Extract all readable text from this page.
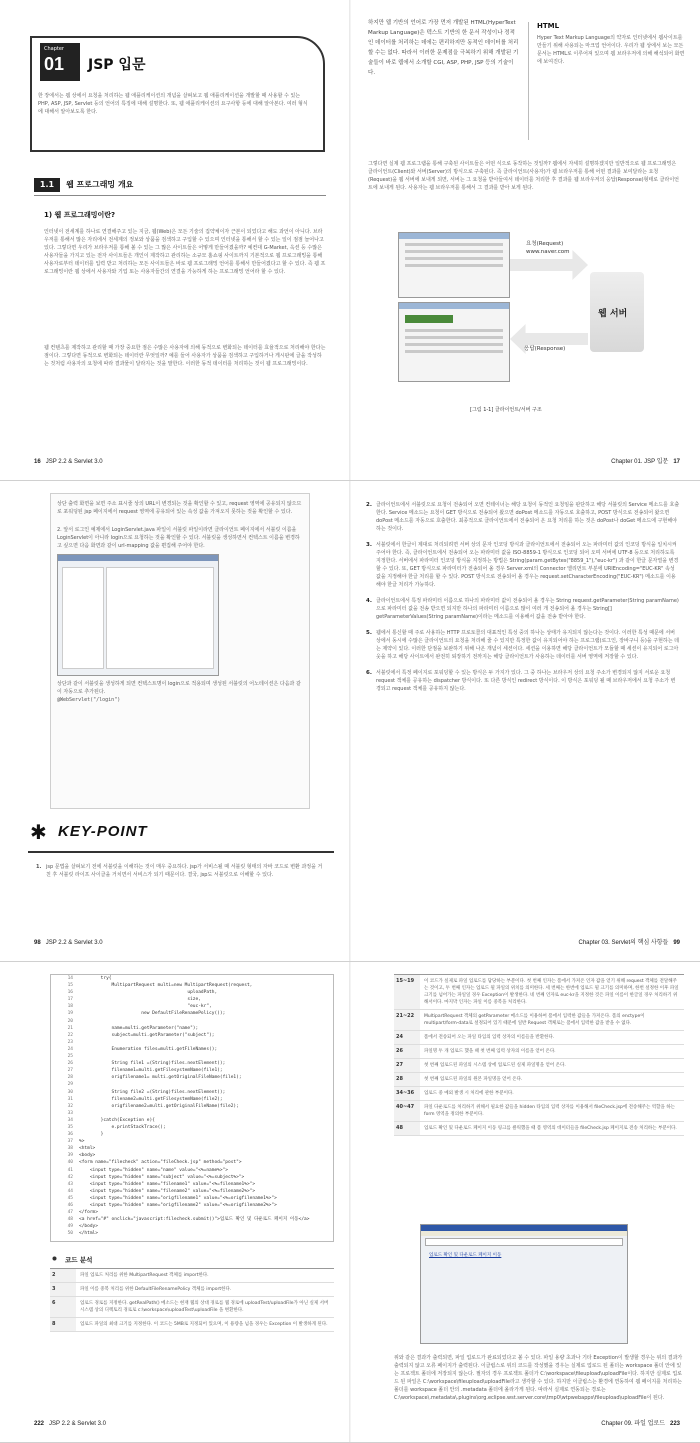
Chapter
01 JSP 입문

한 장에서는 웹 상에서 요청을 처리하는 웹 애플리케이션의 개념을 살펴보고 웹 애플리케이션을 개발할 때 사용할 수 있는 PHP, ASP, JSP, Servlet 등의 언어의 특징에 대해 설명한다. 또, 웹 애플리케이션의 요구사항 등에 대해 알아본다. 여러 형식에 대해서 알아보도록 한다.

1.1	웹 프로그래밍 개요
1) 웹 프로그래밍이란?

인터넷이 전세계를 하나로 연결해주고 있는 지금, 웹(Web)은 모든 기술의 집약체이자 근본이 되었다고 해도 과언이 아니다. 브라우저를 통해서 많은 자리에서 전세계의 정보와 상품을 검색하고 구입할 수 있으며 인터넷을 통해서 할 수 있는 일이 점점 늘어나고 있다. 그렇다면 우리가 브라우저를 통해 볼 수 있는 그 많은 사이트들은 어떻게 만들어졌을까? 예컨대 G-Market, 옥션 등 수많은 사용자들을 가지고 있는 전자 사이트들은 개인이 제작하고 관리하는 소규모 홈쇼핑 사이트까지 기본적으로 웹 프로그래밍을 통해 사용자로부터 데이터를 입력 받고 처리하는 모든 사이트들은 바로 웹 프로그래밍 언어를 통해서 만들어졌다고 할 수 있다. 즉 웹 프로그래밍이란 웹 상에서 사용자와 기업 또는 사용자들간의 연결을 가능하게 하는 프로그래밍 언어라 할 수 있다.

웹 컨텐츠를 제작하고 관리할 때 가장 중요한 점은 수많은 사용자에 의해 동적으로 변화되는 데이터를 효율적으로 처리해야 한다는 점이다. 그렇다면 동적으로 변화되는 데이터란 무엇일까? 예를 들어 사용자가 상품을 검색하고 구입하거나 게시판에 글을 작성하는 것처럼 사용자의 요청에 따라 결과물이 달라지는 것을 말한다. 이러한 동적 데이터를 처리하는 것이 웹 프로그래밍이다.

16 JSP 2.2 & Servlet 3.0

하지만 웹 기반의 언어로 가장 먼저 개발된 HTML(HyperText Markup Language)은 텍스트 기반의 한 문서 작성이나 정적인 데이터를 처리하는 데에는 편리하지만 동적인 데이터를 처리할 수는 없다. 따라서 이러한 문제점을 극복하기 위해 개발된 기술들이 바로 웹에서 소개할 CGI, ASP, PHP, JSP 등의 기술이다.

HTML

Hyper Text Markup Language의 약자로 인터넷에서 웹사이트를 만들기 위해 사용되는 마크업 언어이다. 우리가 웹 상에서 보는 모든 문서는 HTML로 이루어져 있으며 웹 브라우저에 의해 해석되어 화면에 보여진다.

그렇다면 실제 웹 프로그램을 통해 구축된 사이트들은 어떤 식으로 동작하는 것일까? 웹에서 자세히 설명하겠지만 일반적으로 웹 프로그래밍은 클라이언트(Client)와 서버(Server)의 방식으로 구축된다. 즉 클라이언트(사용자)가 웹 브라우저를 통해 어떤 결과를 보여달라는 요청(Request)을 웹 서버에 보내게 되면, 서버는 그 요청을 받아들여서 데이터를 처리한 후 결과를 웹 브라우저의 응답(Response)형태로 클라이언트에 보내게 된다. 사용자는 웹 브라우저를 통해서 그 결과를 받아 보게 된다.

요청(Request)
www.naver.com
응답(Response)
웹 서버
[그림 1-1] 클라이언트/서버 구조
Chapter 01. JSP 입문 17

상단 출력 화면을 보면 주소 표시줄 상의 URL이 변경되는 것을 확인할 수 있고, request 영역에 공유되지 않으므로 포워딩된 jsp 페이지에서 request 영역에 공유되어 있는 속성 값을 가져오지 못하는 것을 확인할 수 있다.

2. 앞서 로그인 예제에서 LoginServlet.java 파일이 서블릿 파일이라면 클라이언트 페이지에서 서블릿 이름을 LoginServlet이 아니라 login으로 요청하는 것을 확인할 수 있다. 서블릿을 생성하면서 컨텍스트 이름을 변경하고 싶으면 다음 화면과 같이 url-mapping 값을 편집해 주어야 한다.

상단과 같이 서블릿을 생성하게 되면 컨텍스트명이 login으로 적용되며 생성된 서블릿의 어노테이션은 다음과 같이 자동으로 추가된다.

@WebServlet("/login")

✱ KEY-POINT
1. jsp 문법을 살펴보기 전에 서블릿을 이해하는 것이 매우 중요하다. jsp가 서비스될 때 서블릿 형태의 자바 코드로 변환 과정을 거친 후 서블릿 라이프 사이클을 거치면서 서비스가 되기 때문이다. 결국, jsp도 서블릿으로 이해할 수 있다.

98 JSP 2.2 & Servlet 3.0
2. 클라이언트에서 서블릿으로 요청이 전송되어 오면 컨테이너는 해당 요청이 동적인 요청임을 판단하고 해당 서블릿의 Service 메소드를 호출한다. Service 메소드는 요청이 GET 방식으로 전송되어 왔으면 doPost 메소드를 자동으로 호출하고, POST 방식으로 전송되어 왔으면 doPost 메소드를 자동으로 호출한다. 최종적으로 클라이언트에서 전송되어 온 요청 처리를 하는 것은 doPost나 doGet 메소드에 구현해야 하는 것이다.

3. 서블릿에서 한글이 제대로 처리되려면 서버 상의 문자 인코딩 방식과 클라이언트에서 전송되어 오는 파라미터 값의 인코딩 방식을 일치시켜 주어야 한다. 즉, 클라이언트에서 전송되어 오는 파라미터 값을 ISO-8859-1 방식으로 인코딩 되어 오며 서버에 UTF-8 등으로 처리하도록 지정한다. 서버에서 파라미터 인코딩 방식을 지정하는 방법은 String(param.getBytes("8859_1"),"euc-kr") 과 같이 한글 문자열을 변경할 수 있다. 또, GET 방식으로 파라미터가 전송되어 올 경우 Server.xml의 Connector 엘리먼트 부분에 URIEncoding="EUC-KR" 속성 값을 지정해야 한글 처리를 할 수 있다. POST 방식으로 전송되어 올 경우는 request.setCharacterEncoding("EUC-KR") 메소드를 이용해야 한글 처리가 가능하다.

4. 클라이언트에서 특정 파라미터 이름으로 하나의 파라미터 값이 전송되어 올 경우는 String request.getParameter(String paramName)으로 파라미터 값을 전송 받으면 되지만 하나의 파라미터 이름으로 많이 여러 개 전송되어 올 경우는 String[] getParameterValues(String paramName)이라는 메소드를 이용해서 값을 전송 받아야 한다.

5. 웹에서 통신할 때 주로 사용하는 HTTP 프로토콜의 대표적인 특성 중의 하나는 상태가 유지되지 않는다는 것이다. 이러한 특성 때문에 서버 상에서 동시에 수많은 클라이언트의 요청을 처리해 줄 수 있지만 특정한 값이 유지되어야 하는 프로그램(로그인, 장바구니 등)을 구현하는 데는 제약이 있다. 이러한 단점을 보완하기 위해 나온 개념이 세션이다. 세션을 이용하면 해당 클라이언트가 모듈할 때 세션이 유지되어 로그아웃을 하고 해당 사이트에서 완전히 퇴장하기 전까지는 해당 클라이언트가 사용하는 데이터를 서버 영역에 저장할 수 있다.

6. 서블릿에서 특정 페이지로 포워딩할 수 있는 방식은 두 가지가 있다. 그 중 하나는 브라우저 상의 요청 주소가 변경되지 않지 서로운 요청 request 객체를 공유하는 dispatcher 방식이다. 또 다른 방식인 redirect 방식이다. 이 방식은 포워딩 될 때 브라우저에서 요청 주소가 변경되고 request 객체를 공유하지 않는다.

Chapter 03. Servlet의 핵심 사항들 99
14	try{
15	MultipartRequest multi=new MultipartRequest(request,
16	uploadPath,
17	size,
18	"euc-kr",
19	new DefaultFileRenamePolicy());
20
21	name=multi.getParameter("name");
22	subject=multi.getParameter("subject");
23
24	Enumeration files=multi.getFileNames();
25
26	String file1 =(String)files.nextElement();
27	filename1=multi.getFilesystemName(file1);
28	origfilename1= multi.getOriginalFileName(file1);
29
30	String file2 =(String)files.nextElement();
31	filename2=multi.getFilesystemName(file2);
32	origfilename2=multi.getOriginalFileName(file2);
33
34	}catch(Exception e){
35	e.printStackTrace();
36	}
37	%>
38	<html>
39	<body>
40	<form name="filecheck" action="fileCheck.jsp" method="post">
41	<input type="hidden" name="name" value="<%=name%>">
42	<input type="hidden" name="subject" value="<%=subject%>">
43	<input type="hidden" name="filename1" value="<%=filename1%>">
44	<input type="hidden" name="filename2" value="<%=filename2%>">
45	<input type="hidden" name="origfilename1" value="<%=origfilename1%>">
46	<input type="hidden" name="origfilename2" value="<%=origfilename2%>">
47	</form>
48	<a href="#" onclick="javascript:filecheck.submit()">업로드 확인 및 다운로드 페이지 이동</a>
49	</body>
50	</html>
코드 분석
2	파일 업로드 처리를 위한 MultipartRequest 객체를 import한다.
3	파일 이름 중복 처리를 위한 DefaultFileRenamePolicy 객체를 import한다.
6	업로드 경로를 지정한다. getRealPath() 메소드는 현재 웹의 상대 경로를 웹 경로에 uploadTest/uploadFile가 아닌 실제 서버 시스템 상의 디렉토리 경로로 c:\workspace\uploadTest\uploadFile 을 변환한다.
8	업로드 파일의 최대 크기를 지정한다. 이 코드는 5MB로 지정되어 있으며, 이 용량을 넘을 경우는 Exception 이 발생하게 된다.
222 JSP 2.2 & Servlet 3.0
15~19	이 코드가 실제로 파일 업로드를 담당하는 부분이다. 첫 번째 인자는 폼에서 가져온 인자 값을 얻기 위해 request 객체를 전달해주는 것이고, 두 번째 인자는 업로드 될 파일의 위치를 의미한다. 세 번째는 한번에 업로드 될 크기를 의미하며, 한번 설정한 이후 파일 크기를 넘어가는 파일일 경우 Exception이 발생한다. 네 번째 인자로 euc-kr을 지정한 것은 파일 이름이 한글일 경우 처리하기 위해서이다. 마지막 인자는 파일 이름 중복을 처리한다.
21~22	MultipartRequest 객체의 getParameter 메소드를 이용하여 폼에서 입력한 값들을 가져온다. 폼의 enctype이 multipart/form-data로 설정되어 있기 때문에 일반 Request 객체로는 폼에서 입력한 값을 받을 수 없다.
24	폼에서 전송되어 오는 파일 타입의 입력 상자의 이름들을 반환한다.
26	파일명 두 개 업로드 했을 때 첫 번째 입력 상자의 이름을 얻어 온다.
27	첫 번째 업로드된 파일의 시스템 상에 업로드된 실제 파일명을 얻어 온다.
28	첫 번째 업로드된 파일의 원본 파일명을 얻어 온다.
34~36	업로드 중 예외 발생 시 처리에 관한 부분이다.
40~47	파일 다운로드를 처리하기 위해서 필요한 값들을 hidden 타입의 입력 상자를 이용해서 fileCheck.jsp에 전송해주는 역할을 하는 form 영역을 정의한 부분이다.
48	업로드 확인 및 다운로드 페이지 이동 링크를 클릭했을 때 폼 영역의 데이터들을 fileCheck.jsp 페이지로 전송 처리하는 부분이다.
업로드 확인 및 다운로드 페이지 이동

위와 같은 결과가 출력되면, 파일 업로드가 완료되었다고 볼 수 있다. 파일 용량 초과나 기타 Exception이 발생할 경우는 위의 결과가 출력되지 않고 오류 페이지가 출력된다. 이클립스로 위의 코드를 작성했을 경우는 실제로 업로드 된 폴더는 workspace 폴더 안에 있는 프로젝트 폴더에 저장되지 않는다. 필자의 경우 프로젝트 폴더가 C:\workspace\fileupload\uploadFile이다. 하지만 실제로 업로드 된 파일은 C:\workspace\fileupload\uploadFile라고 생각할 수 있다. 하지만 이클립스는 환경에 연동하여 웹 페이지를 처리하는 폴더를 workspace 폴더 안의 .metadata 폴더에 올라가게 된다. 따라서 실제로 연동되는 경로는 C:\workspace\.metadata\.plugins\org.eclipse.wst.server.core\tmp0\wtpwebapps\fileupload\uploadFile이 된다.

Chapter 09. 파일 업로드 223
